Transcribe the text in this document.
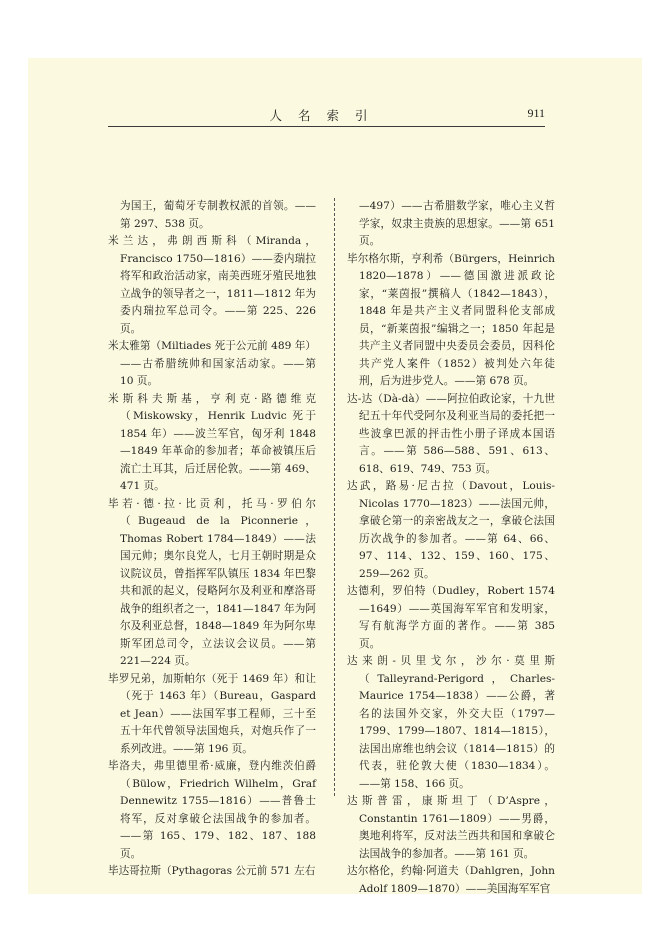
人名索引	911

为国王，葡萄牙专制教权派的首领。——第 297、538 页。

米兰达，弗朗西斯科（Miranda，Francisco 1750—1816）——委内瑞拉将军和政治活动家，南美西班牙殖民地独立战争的领导者之一，1811—1812 年为委内瑞拉军总司令。——第 225、226 页。

米太雅第（Miltiades 死于公元前 489 年）——古希腊统帅和国家活动家。——第 10 页。

米斯科夫斯基，亨利克·路德维克（Miskowsky，Henrik Ludvic 死于 1854 年）——波兰军官，匈牙利 1848—1849 年革命的参加者；革命被镇压后流亡土耳其，后迁居伦敦。——第 469、471 页。

毕若·德·拉·比贡利，托马·罗伯尔（Bugeaud de la Piconnerie，Thomas Robert 1784—1849）——法国元帅；奥尔良党人，七月王朝时期是众议院议员，曾指挥军队镇压 1834 年巴黎共和派的起义，侵略阿尔及利亚和摩洛哥战争的组织者之一，1841—1847 年为阿尔及利亚总督，1848—1849 年为阿尔卑斯军团总司令，立法议会议员。——第 221—224 页。

毕罗兄弟，加斯帕尔（死于 1469 年）和让（死于 1463 年）（Bureau，Gaspard et Jean）——法国军事工程师，三十至五十年代曾领导法国炮兵，对炮兵作了一系列改进。——第 196 页。

毕洛夫，弗里德里希·威廉，登内维茨伯爵（Bülow，Friedrich Wilhelm，Graf Dennewitz 1755—1816）——普鲁士将军，反对拿破仑法国战争的参加者。——第 165、179、182、187、188 页。

毕达哥拉斯（Pythagoras 公元前 571 左右

—497）——古希腊数学家，唯心主义哲学家，奴隶主贵族的思想家。——第 651 页。

毕尔格尔斯，亨利希（Bürgers，Heinrich 1820—1878）——德国激进派政论家，“莱茵报”撰稿人（1842—1843），1848 年是共产主义者同盟科伦支部成员，“新莱茵报”编辑之一；1850 年起是共产主义者同盟中央委员会委员，因科伦共产党人案件（1852）被判处六年徒刑，后为进步党人。——第 678 页。

达-达（Dà-dà）——阿拉伯政论家，十九世纪五十年代受阿尔及利亚当局的委托把一些波拿巴派的抨击性小册子译成本国语言。——第 586—588、591、613、618、619、749、753 页。

达武，路易·尼古拉（Davout，Louis-Nicolas 1770—1823）——法国元帅，拿破仑第一的亲密战友之一，拿破仑法国历次战争的参加者。——第 64、66、97、114、132、159、160、175、259—262 页。

达德利，罗伯特（Dudley，Robert 1574—1649）——英国海军军官和发明家，写有航海学方面的著作。——第 385 页。

达来朗-贝里戈尔，沙尔·莫里斯（Talleyrand-Perigord，Charles-Maurice 1754—1838）——公爵，著名的法国外交家，外交大臣（1797—1799、1799—1807、1814—1815），法国出席维也纳会议（1814—1815）的代表，驻伦敦大使（1830—1834）。——第 158、166 页。

达斯普雷，康斯坦丁（D’Aspre，Constantin 1761—1809）——男爵，奥地利将军，反对法兰西共和国和拿破仑法国战争的参加者。——第 161 页。

达尔格伦，约翰·阿道夫（Dahlgren，John Adolf 1809—1870）——美国海军军官
